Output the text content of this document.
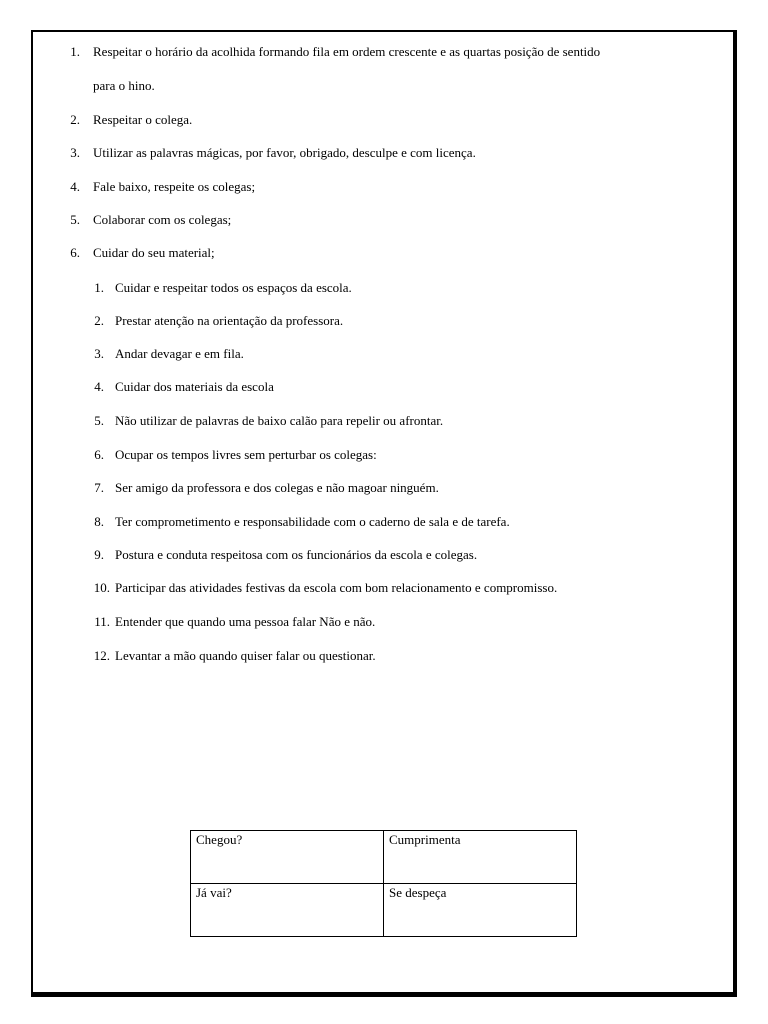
1. Respeitar o horário da acolhida formando fila em ordem crescente e as quartas posição de sentido
para o hino.
2. Respeitar o colega.
3. Utilizar as palavras mágicas, por favor, obrigado, desculpe e com licença.
4. Fale baixo, respeite os colegas;
5. Colaborar com os colegas;
6. Cuidar do seu material;
1. Cuidar e respeitar todos os espaços da escola.
2. Prestar atenção na orientação da professora.
3. Andar devagar e em fila.
4. Cuidar dos materiais da escola
5. Não utilizar de palavras de baixo calão para repelir ou afrontar.
6. Ocupar os tempos livres sem perturbar os colegas:
7. Ser amigo da professora e dos colegas e não magoar ninguém.
8. Ter comprometimento e responsabilidade com o caderno de sala e de tarefa.
9. Postura e conduta respeitosa com os funcionários da escola e colegas.
10. Participar das atividades festivas da escola com bom relacionamento e compromisso.
11. Entender que quando uma pessoa falar Não e não.
12. Levantar a mão quando quiser falar ou questionar.
Chegou?	Cumprimenta
Já vai?	Se despeça
